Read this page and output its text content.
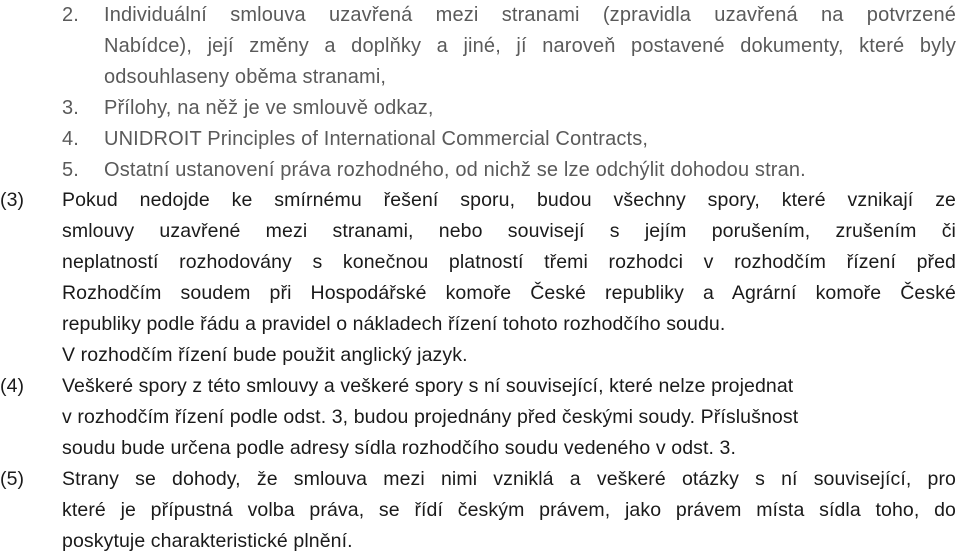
2. Individuální smlouva uzavřená mezi stranami (zpravidla uzavřená na potvrzené
Nabídce), její změny a doplňky a jiné, jí naroveň postavené dokumenty, které byly
odsouhlaseny oběma stranami,
3. Přílohy, na něž je ve smlouvě odkaz,
4. UNIDROIT Principles of International Commercial Contracts,
5. Ostatní ustanovení práva rozhodného, od nichž se lze odchýlit dohodou stran.
(3) Pokud nedojde ke smírnému řešení sporu, budou všechny spory, které vznikají ze
smlouvy uzavřené mezi stranami, nebo souvisejí s jejím porušením, zrušením či
neplatností rozhodovány s konečnou platností třemi rozhodci v rozhodčím řízení před
Rozhodčím soudem při Hospodářské komoře České republiky a Agrární komoře České
republiky podle řádu a pravidel o nákladech řízení tohoto rozhodčího soudu.
V rozhodčím řízení bude použit anglický jazyk.
(4) Veškeré spory z této smlouvy a veškeré spory s ní související, které nelze projednat
v rozhodčím řízení podle odst. 3, budou projednány před českými soudy. Příslušnost
soudu bude určena podle adresy sídla rozhodčího soudu vedeného v odst. 3.
(5) Strany se dohody, že smlouva mezi nimi vzniklá a veškeré otázky s ní související, pro
které je přípustná volba práva, se řídí českým právem, jako právem místa sídla toho, do
poskytuje charakteristické plnění.
